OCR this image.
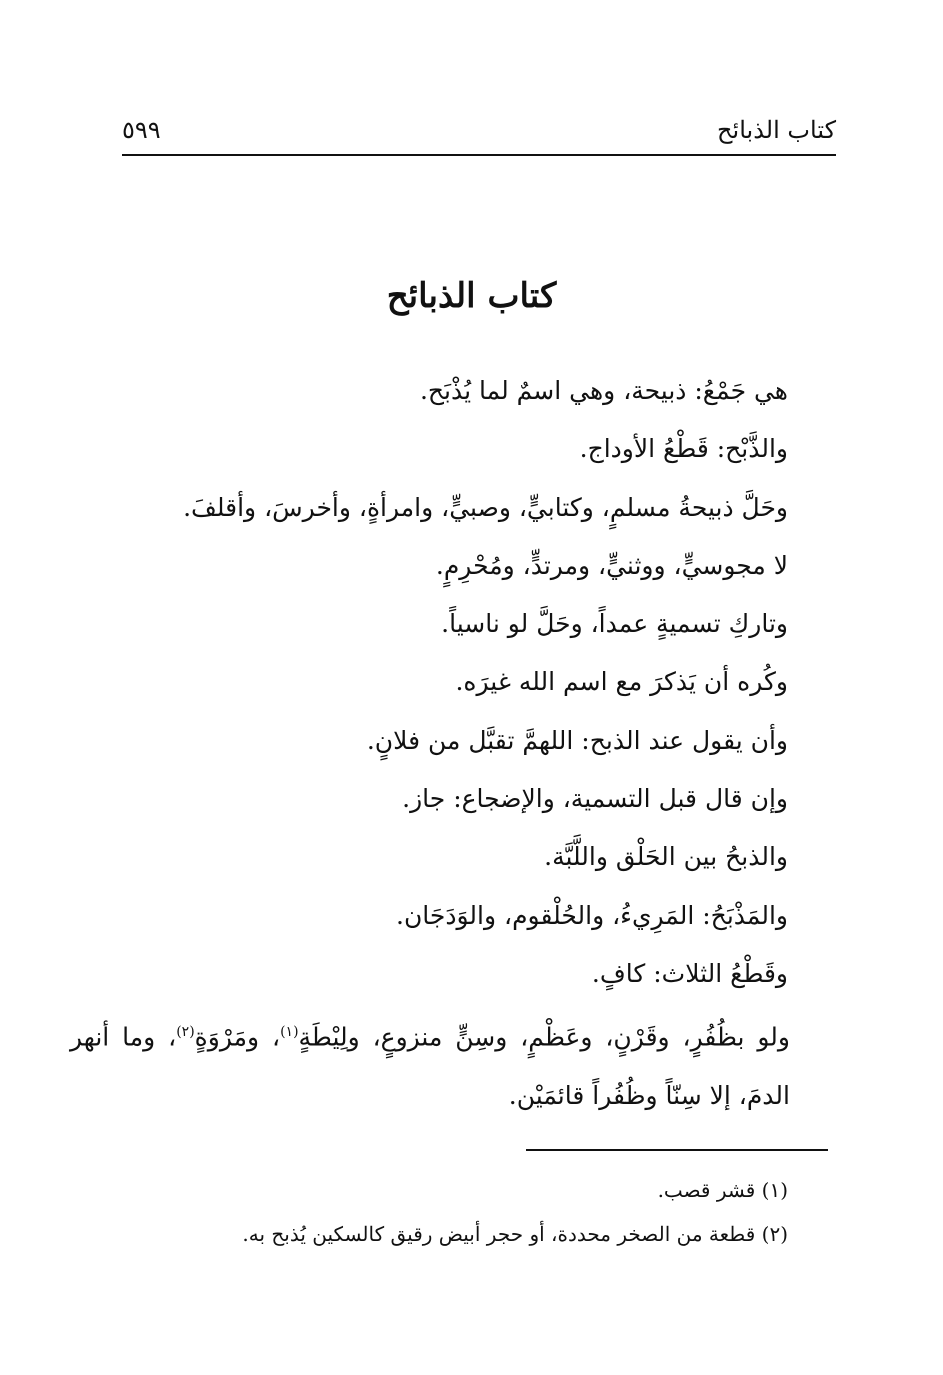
كتاب الذبائح
٥٩٩
كتاب الذبائح

هي جَمْعُ: ذبيحة، وهي اسمٌ لما يُذْبَح.

والذَّبْح: قَطْعُ الأوداج.

وحَلَّ ذبيحةُ مسلمٍ، وكتابيٍّ، وصبيٍّ، وامرأةٍ، وأخرسَ، وأقلفَ.

لا مجوسيٍّ، ووثنيٍّ، ومرتدٍّ، ومُحْرِمٍ.

وتاركِ تسميةٍ عمداً، وحَلَّ لو ناسياً.

وكُره أن يَذكرَ مع اسم الله غيرَه.

وأن يقول عند الذبح: اللهمَّ تقبَّل من فلانٍ.

وإن قال قبل التسمية، والإضجاع: جاز.

والذبحُ بين الحَلْق واللَّبَّة.

والمَذْبَحُ: المَرِيءُ، والحُلْقوم، والوَدَجَان.

وقَطْعُ الثلاث: كافٍ.

ولو بظُفُرٍ، وقَرْنٍ، وعَظْمٍ، وسِنٍّ منزوعٍ، ولِيْطَةٍ$^{(١)}$، ومَرْوَةٍ$^{(٢)}$، وما أنهر الدمَ، إلا سِنّاً وظُفُراً قائمَيْن.

(١) قشر قصب.

(٢) قطعة من الصخر محددة، أو حجر أبيض رقيق كالسكين يُذبح به.
